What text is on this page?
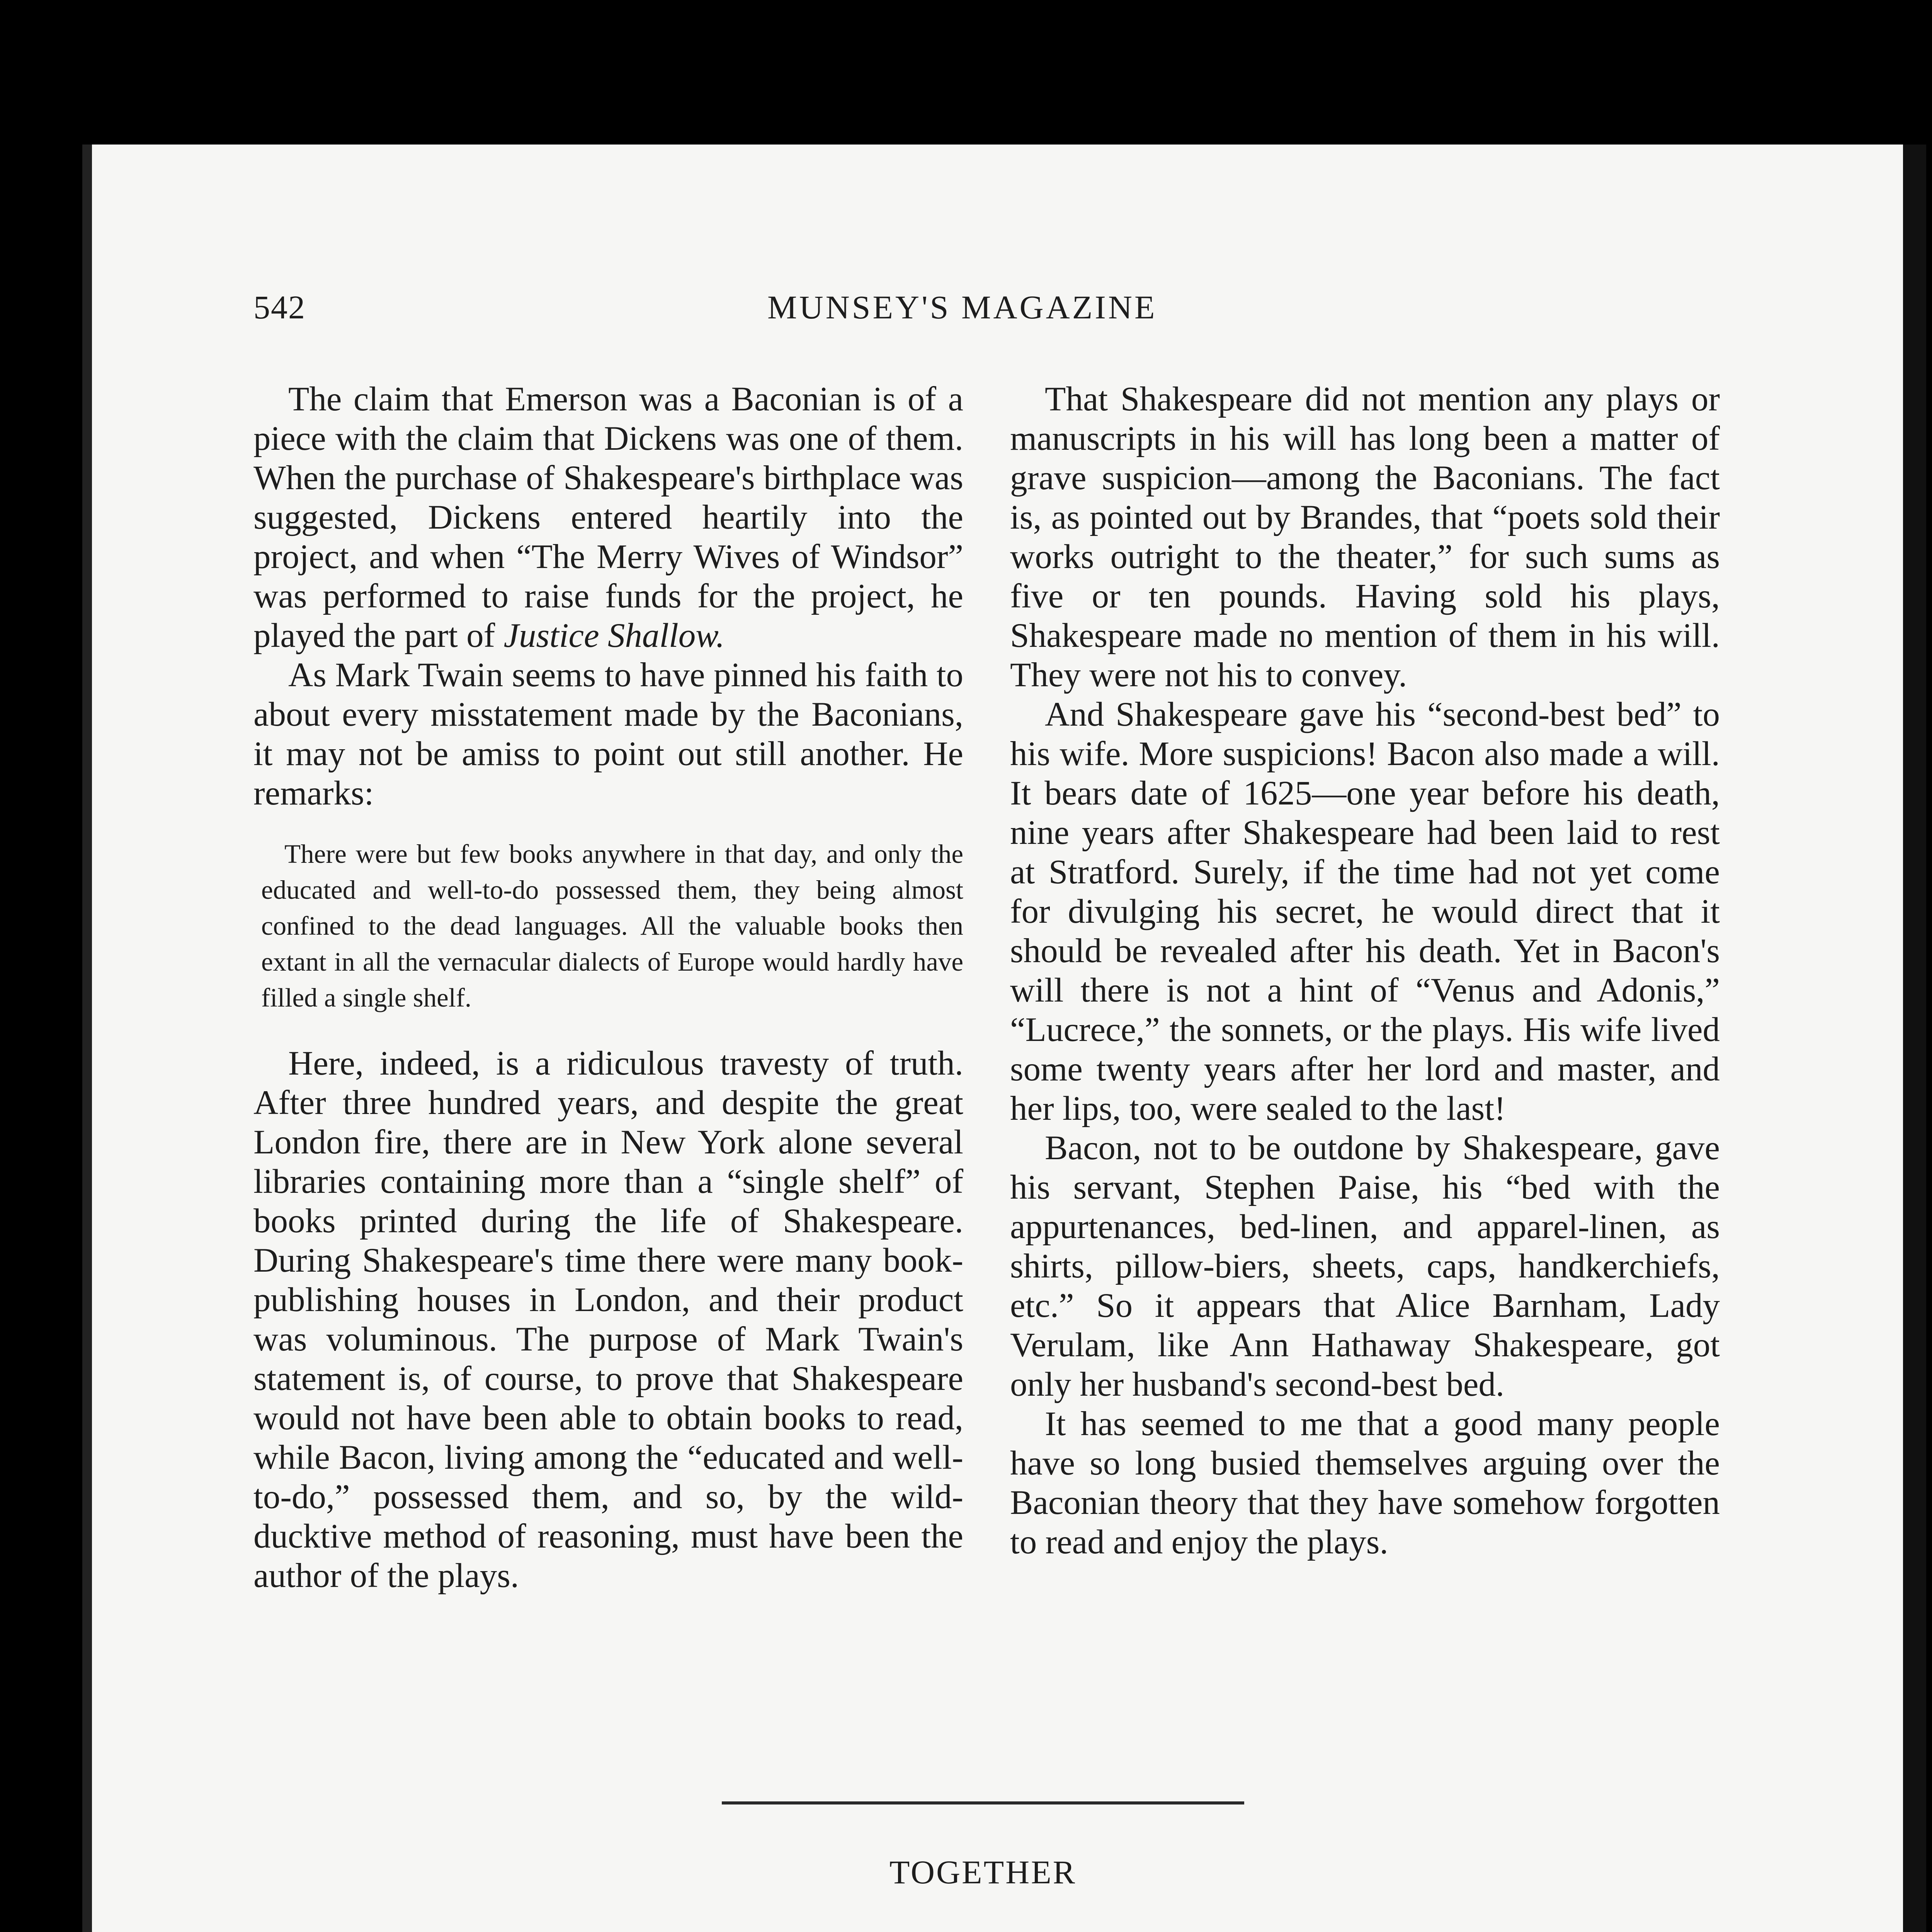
542	MUNSEY'S MAGAZINE

The claim that Emerson was a Baconian is of a piece with the claim that Dickens was one of them. When the purchase of Shakespeare's birthplace was suggested, Dickens entered heartily into the project, and when “The Merry Wives of Windsor” was performed to raise funds for the project, he played the part of Justice Shallow.

As Mark Twain seems to have pinned his faith to about every misstatement made by the Baconians, it may not be amiss to point out still another. He remarks:

There were but few books anywhere in that day, and only the educated and well-to-do possessed them, they being almost confined to the dead languages. All the valuable books then extant in all the vernacular dialects of Europe would hardly have filled a single shelf.

Here, indeed, is a ridiculous travesty of truth. After three hundred years, and despite the great London fire, there are in New York alone several libraries containing more than a “single shelf” of books printed during the life of Shakespeare. During Shakespeare's time there were many book-publishing houses in London, and their product was voluminous. The purpose of Mark Twain's statement is, of course, to prove that Shakespeare would not have been able to obtain books to read, while Bacon, living among the “educated and well-to-do,” possessed them, and so, by the wild-ducktive method of reasoning, must have been the author of the plays.

That Shakespeare did not mention any plays or manuscripts in his will has long been a matter of grave suspicion—among the Baconians. The fact is, as pointed out by Brandes, that “poets sold their works outright to the theater,” for such sums as five or ten pounds. Having sold his plays, Shakespeare made no mention of them in his will. They were not his to convey.

And Shakespeare gave his “second-best bed” to his wife. More suspicions! Bacon also made a will. It bears date of 1625—one year before his death, nine years after Shakespeare had been laid to rest at Stratford. Surely, if the time had not yet come for divulging his secret, he would direct that it should be revealed after his death. Yet in Bacon's will there is not a hint of “Venus and Adonis,” “Lucrece,” the sonnets, or the plays. His wife lived some twenty years after her lord and master, and her lips, too, were sealed to the last!

Bacon, not to be outdone by Shakespeare, gave his servant, Stephen Paise, his “bed with the appurtenances, bed-linen, and apparel-linen, as shirts, pillow-biers, sheets, caps, handkerchiefs, etc.” So it appears that Alice Barnham, Lady Verulam, like Ann Hathaway Shakespeare, got only her husband's second-best bed.

It has seemed to me that a good many people have so long busied themselves arguing over the Baconian theory that they have somehow forgotten to read and enjoy the plays.

TOGETHER
